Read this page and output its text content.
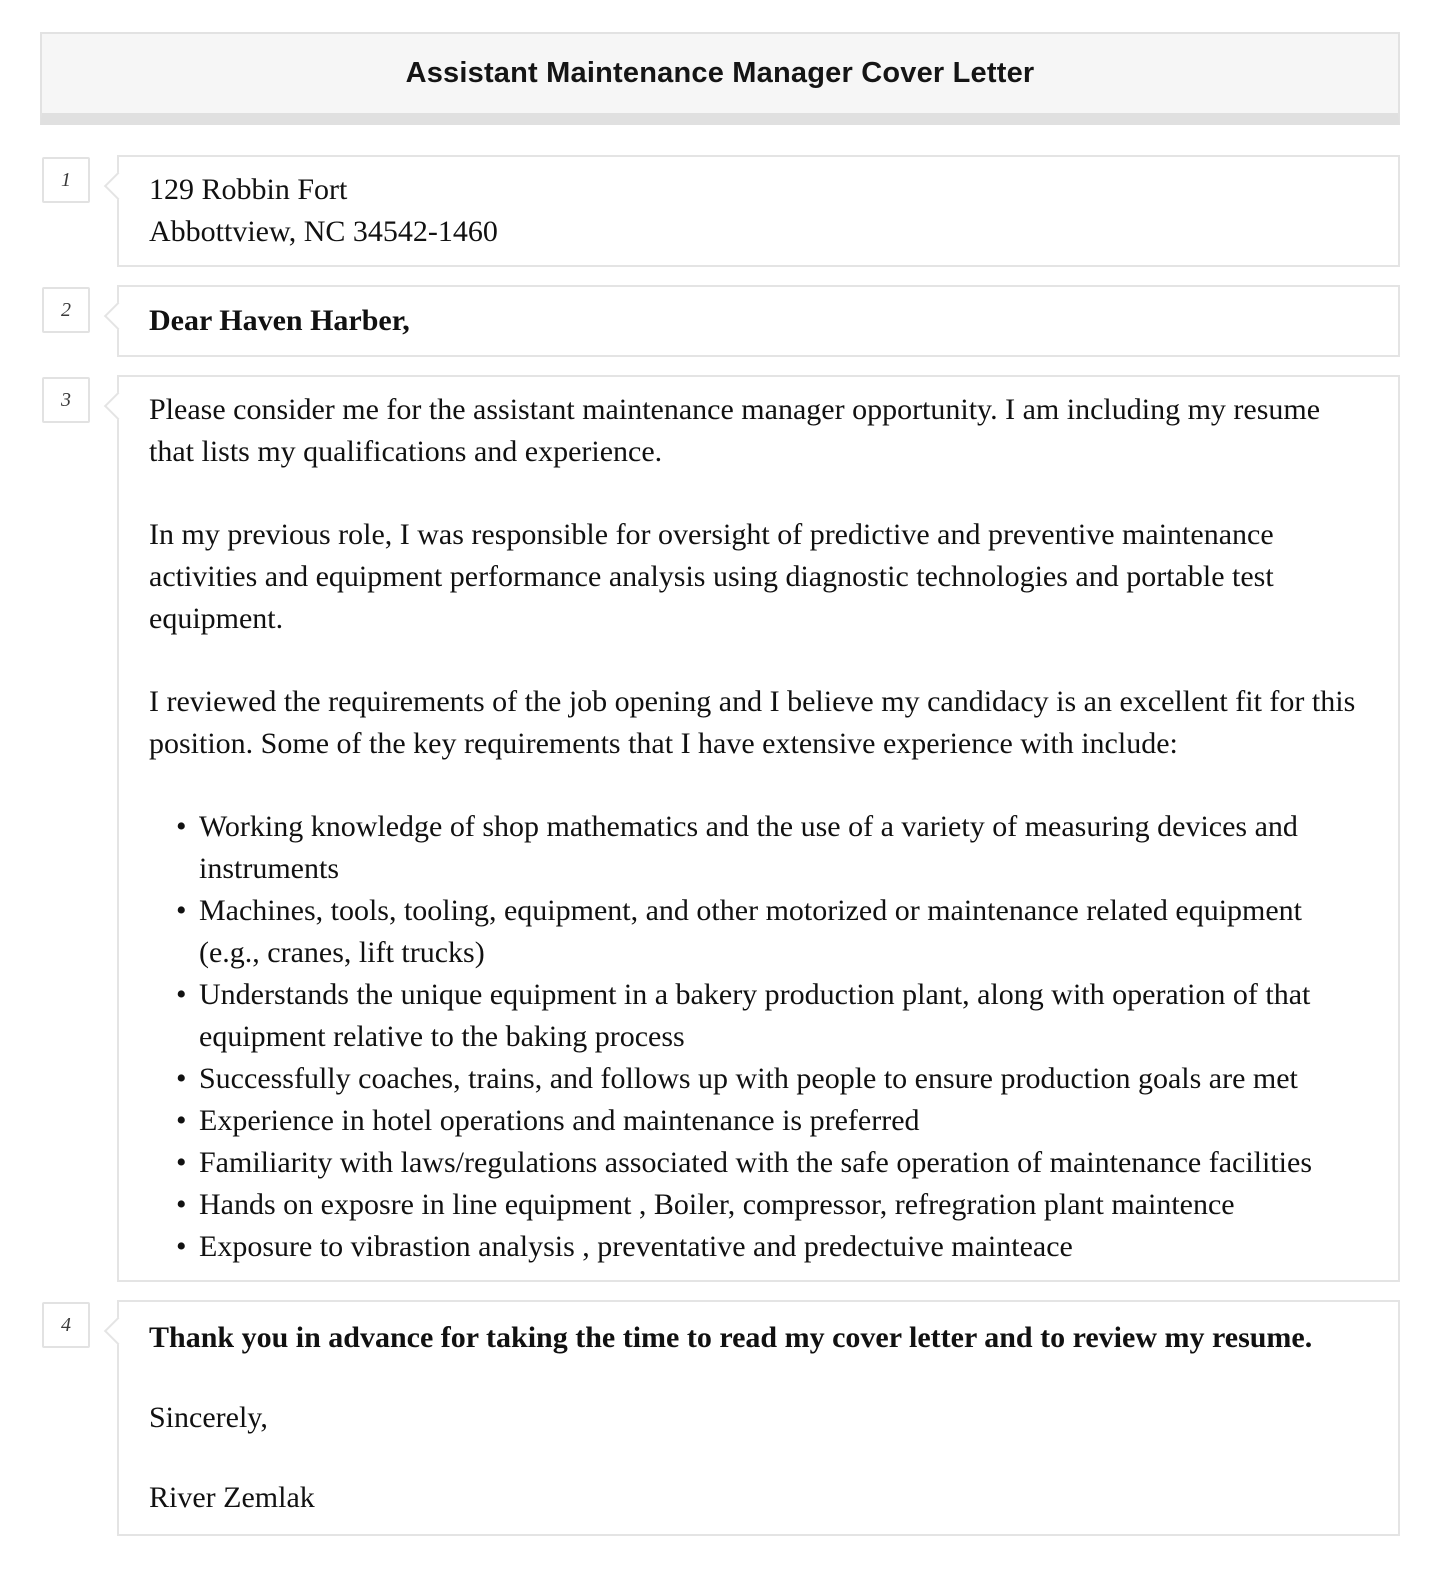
Assistant Maintenance Manager Cover Letter
1	129 Robbin Fort

Abbottview, NC 34542-1460

2	Dear Haven Harber,

3	Please consider me for the assistant maintenance manager opportunity. I am including my resume that lists my qualifications and experience.

In my previous role, I was responsible for oversight of predictive and preventive maintenance activities and equipment performance analysis using diagnostic technologies and portable test equipment.

I reviewed the requirements of the job opening and I believe my candidacy is an excellent fit for this position. Some of the key requirements that I have extensive experience with include:

• Working knowledge of shop mathematics and the use of a variety of measuring devices and instruments
• Machines, tools, tooling, equipment, and other motorized or maintenance related equipment (e.g., cranes, lift trucks)
• Understands the unique equipment in a bakery production plant, along with operation of that equipment relative to the baking process
• Successfully coaches, trains, and follows up with people to ensure production goals are met
• Experience in hotel operations and maintenance is preferred
• Familiarity with laws/regulations associated with the safe operation of maintenance facilities
• Hands on exposre in line equipment , Boiler, compressor, refregration plant maintence
• Exposure to vibrastion analysis , preventative and predectuive mainteace
4	Thank you in advance for taking the time to read my cover letter and to review my resume.

Sincerely,

River Zemlak
